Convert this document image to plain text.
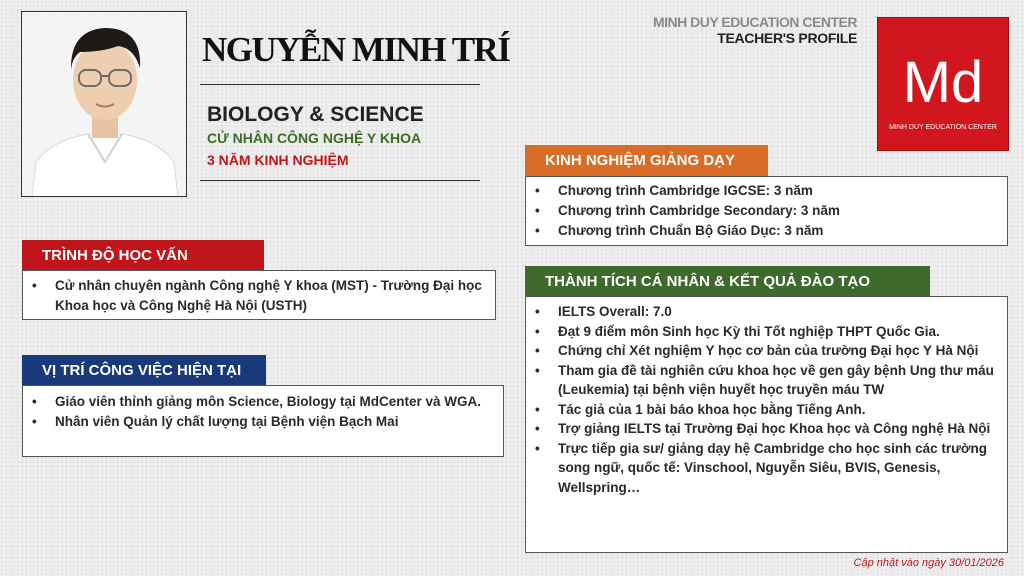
NGUYỄN MINH TRÍ
BIOLOGY & SCIENCE
CỬ NHÂN CÔNG NGHỆ Y KHOA
3 NĂM KINH NGHIỆM
MINH DUY EDUCATION CENTER
TEACHER'S PROFILE
Md
MINH DUY EDUCATION CENTER
TRÌNH ĐỘ HỌC VẤN
• Cử nhân chuyên ngành Công nghệ Y khoa (MST) - Trường Đại học Khoa học và Công Nghệ Hà Nội (USTH)
VỊ TRÍ CÔNG VIỆC HIỆN TẠI
• Giáo viên thỉnh giảng môn Science, Biology tại MdCenter và WGA.
• Nhân viên Quản lý chất lượng tại Bệnh viện Bạch Mai
KINH NGHIỆM GIẢNG DẠY
• Chương trình Cambridge IGCSE: 3 năm
• Chương trình Cambridge Secondary: 3 năm
• Chương trình Chuẩn Bộ Giáo Dục: 3 năm
THÀNH TÍCH CÁ NHÂN & KẾT QUẢ ĐÀO TẠO
• IELTS Overall: 7.0
• Đạt 9 điểm môn Sinh học Kỳ thi Tốt nghiệp THPT Quốc Gia.
• Chứng chỉ Xét nghiệm Y học cơ bản của trường Đại học Y Hà Nội
• Tham gia đề tài nghiên cứu khoa học về gen gây bệnh Ung thư máu (Leukemia) tại bệnh viện huyết học truyền máu TW
• Tác giả của 1 bài báo khoa học bằng Tiếng Anh.
• Trợ giảng IELTS tại Trường Đại học Khoa học và Công nghệ Hà Nội
• Trực tiếp gia sư/ giảng dạy hệ Cambridge cho học sinh các trường song ngữ, quốc tế: Vinschool, Nguyễn Siêu, BVIS, Genesis, Wellspring…
Cập nhật vào ngày 30/01/2026
